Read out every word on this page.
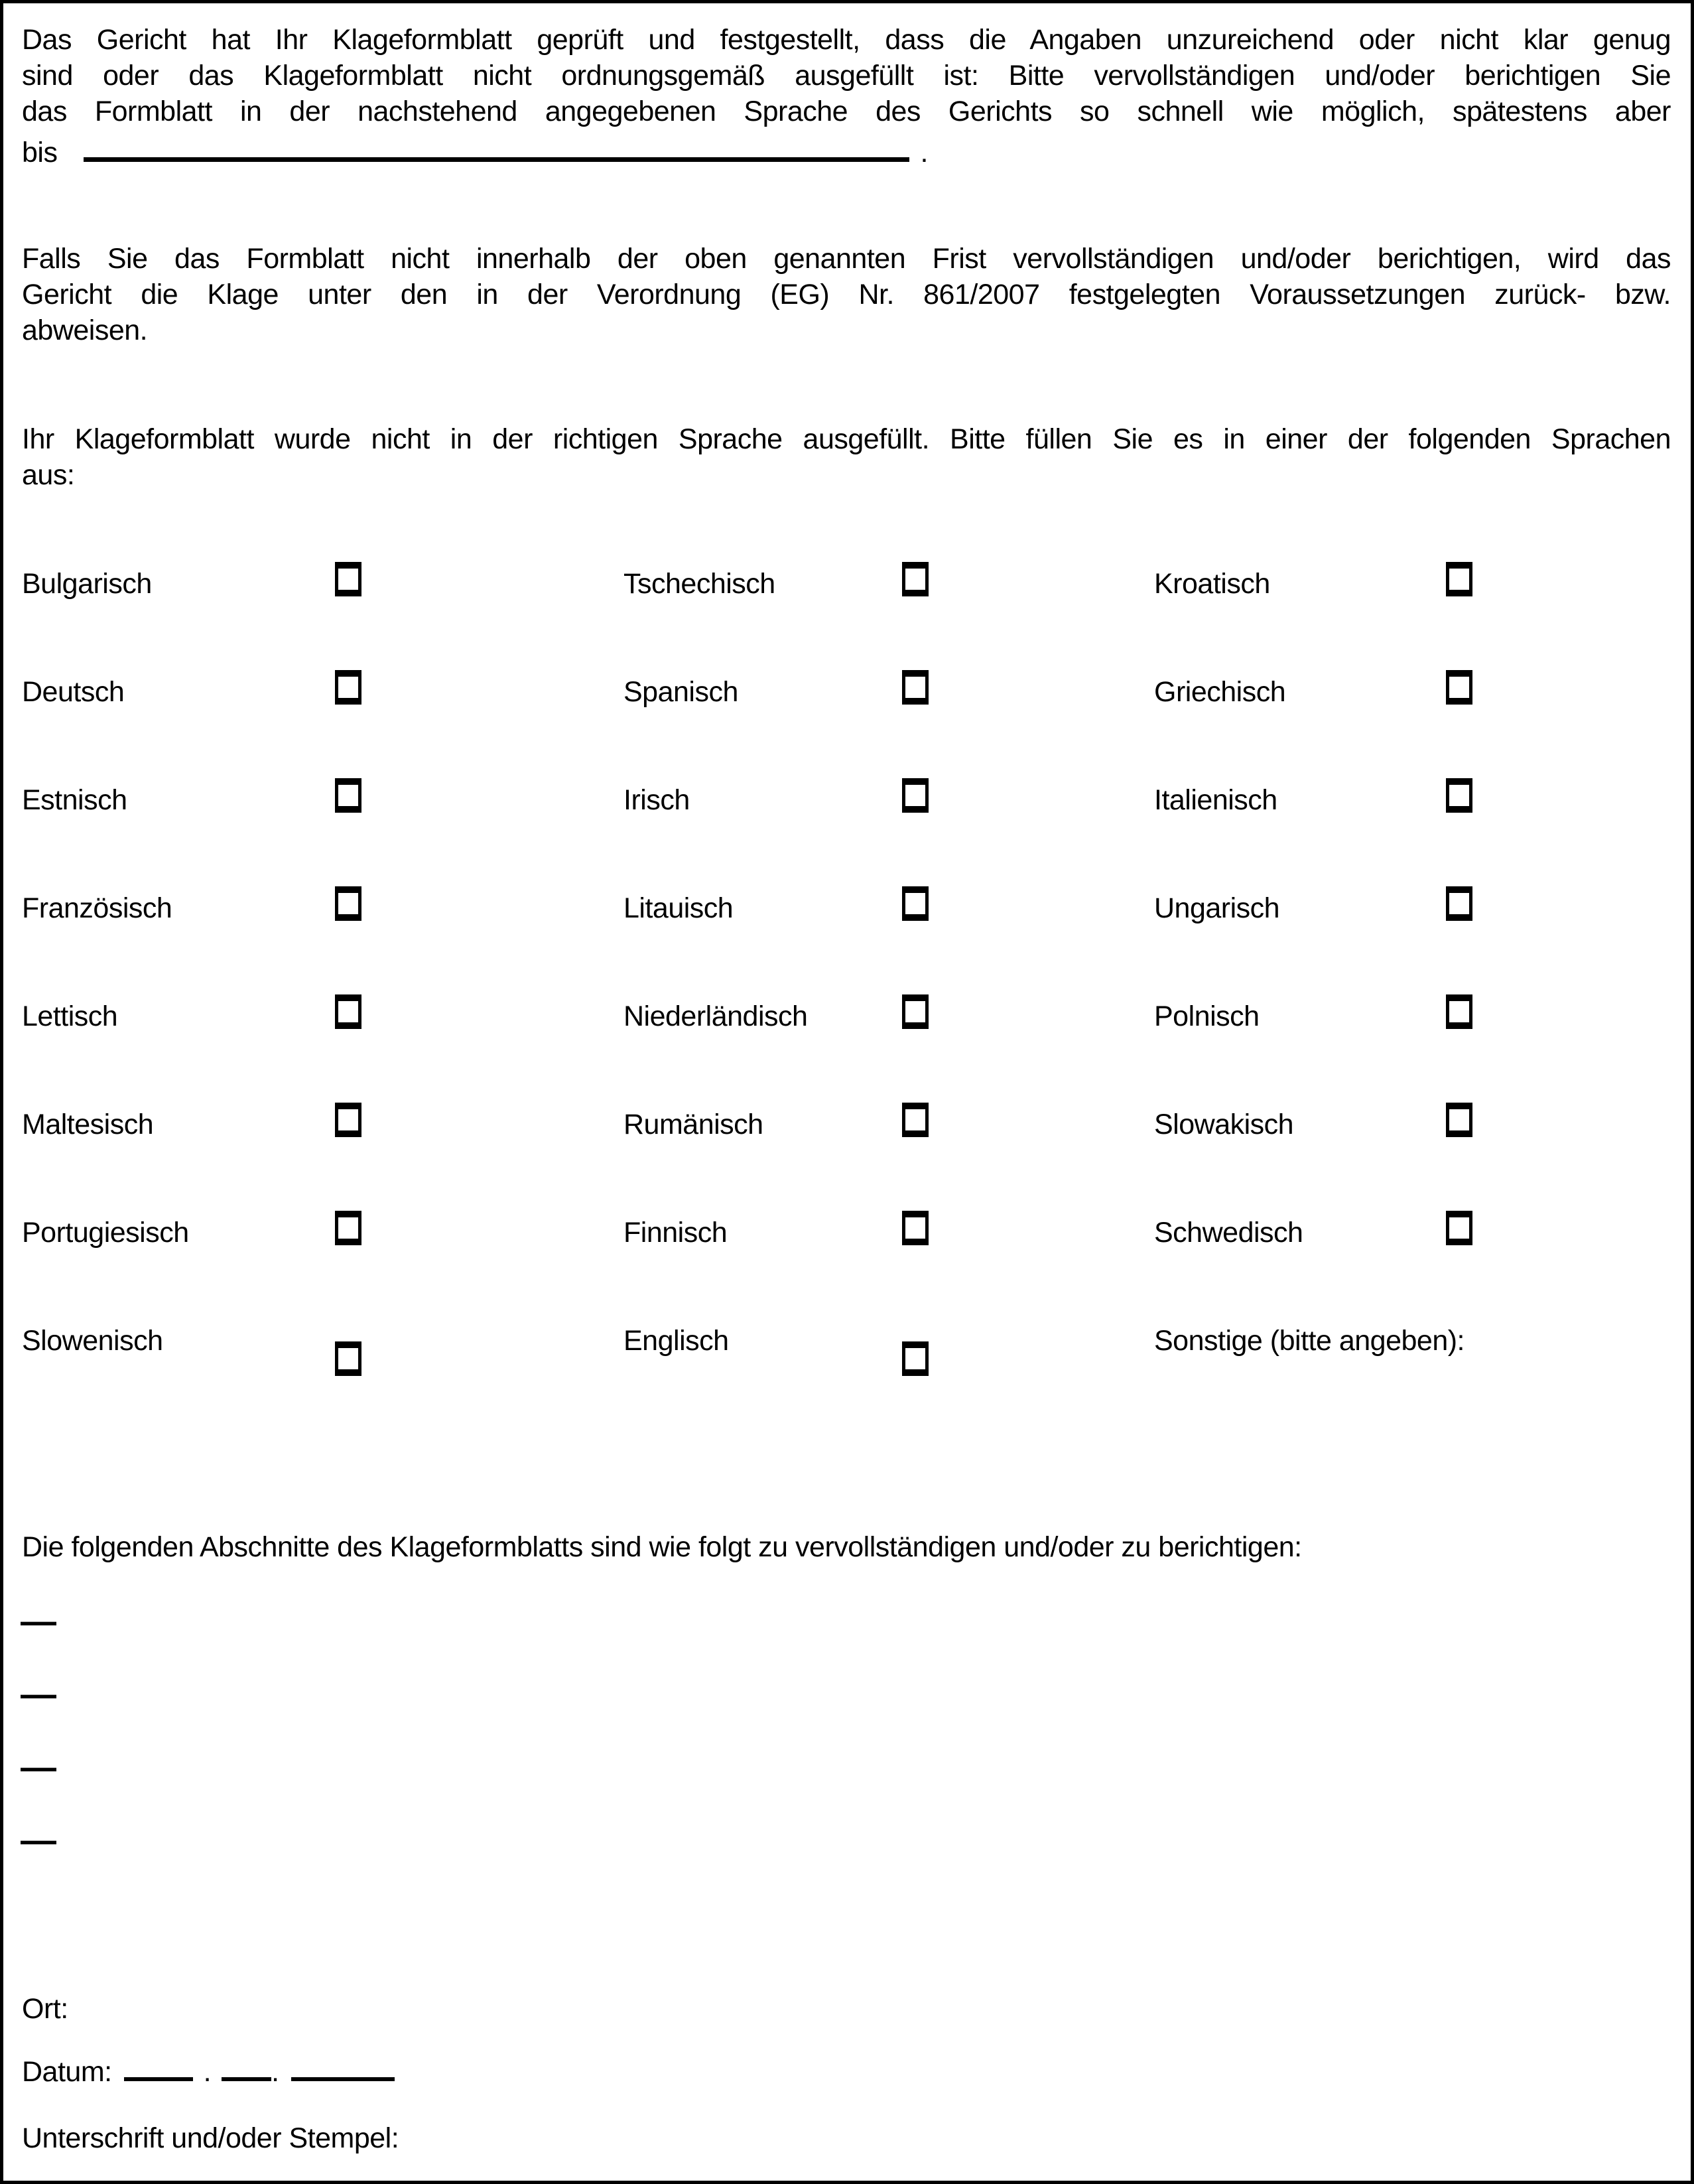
Das Gericht hat Ihr Klageformblatt geprüft und festgestellt, dass die Angaben unzureichend oder nicht klar genug
sind oder das Klageformblatt nicht ordnungsgemäß ausgefüllt ist: Bitte vervollständigen und/oder berichtigen Sie
das Formblatt in der nachstehend angegebenen Sprache des Gerichts so schnell wie möglich, spätestens aber
bis	.
Falls Sie das Formblatt nicht innerhalb der oben genannten Frist vervollständigen und/oder berichtigen, wird das
Gericht die Klage unter den in der Verordnung (EG) Nr. 861/2007 festgelegten Voraussetzungen zurück- bzw.
abweisen.
Ihr Klageformblatt wurde nicht in der richtigen Sprache ausgefüllt. Bitte füllen Sie es in einer der folgenden Sprachen
aus:
Bulgarisch	Tschechisch	Kroatisch
Deutsch	Spanisch	Griechisch
Estnisch	Irisch	Italienisch
Französisch	Litauisch	Ungarisch
Lettisch	Niederländisch	Polnisch
Maltesisch	Rumänisch	Slowakisch
Portugiesisch	Finnisch	Schwedisch
Slowenisch	Englisch	Sonstige (bitte angeben):
Die folgenden Abschnitte des Klageformblatts sind wie folgt zu vervollständigen und/oder zu berichtigen:
—
—
—
—
Ort:
Datum:	. .
Unterschrift und/oder Stempel:
